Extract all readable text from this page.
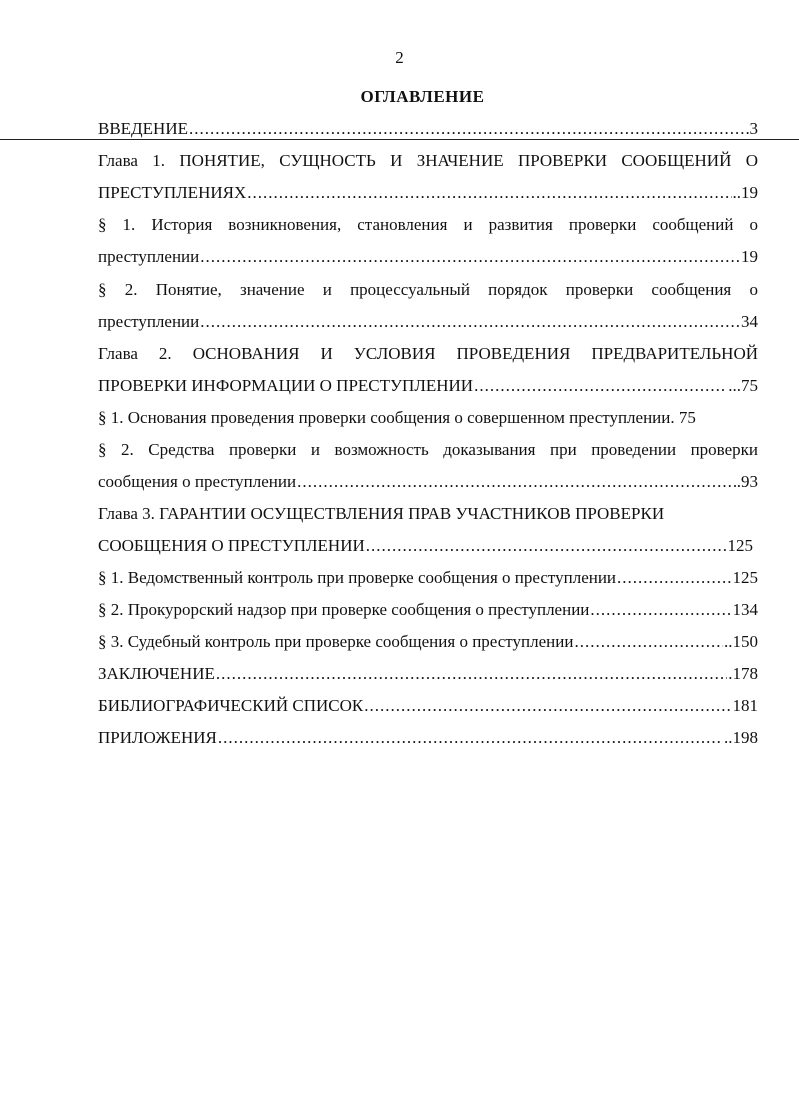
2
ОГЛАВЛЕНИЕ
ВВЕДЕНИЕ .....	3
Глава 1. ПОНЯТИЕ, СУЩНОСТЬ И ЗНАЧЕНИЕ ПРОВЕРКИ СООБЩЕНИЙ О
ПРЕСТУПЛЕНИЯХ .....	..19
§ 1. История возникновения, становления и развития проверки сообщений о
преступлении .....	19
§ 2. Понятие, значение и процессуальный порядок проверки сообщения о
преступлении .....	34
Глава 2. ОСНОВАНИЯ И УСЛОВИЯ ПРОВЕДЕНИЯ ПРЕДВАРИТЕЛЬНОЙ
ПРОВЕРКИ ИНФОРМАЦИИ О ПРЕСТУПЛЕНИИ .....	...75
§ 1. Основания проведения проверки сообщения о совершенном преступлении. 75
§ 2. Средства проверки и возможность доказывания при проведении проверки
сообщения о преступлении .....	.93
Глава 3. ГАРАНТИИ ОСУЩЕСТВЛЕНИЯ ПРАВ УЧАСТНИКОВ ПРОВЕРКИ
СООБЩЕНИЯ О ПРЕСТУПЛЕНИИ .....	125
§ 1. Ведомственный контроль при проверке сообщения о преступлении .....	125
§ 2. Прокурорский надзор при проверке сообщения о преступлении .....	134
§ 3. Судебный контроль при проверке сообщения о преступлении .....	..150
ЗАКЛЮЧЕНИЕ .....	.178
БИБЛИОГРАФИЧЕСКИЙ СПИСОК .....	181
ПРИЛОЖЕНИЯ .....	..198
